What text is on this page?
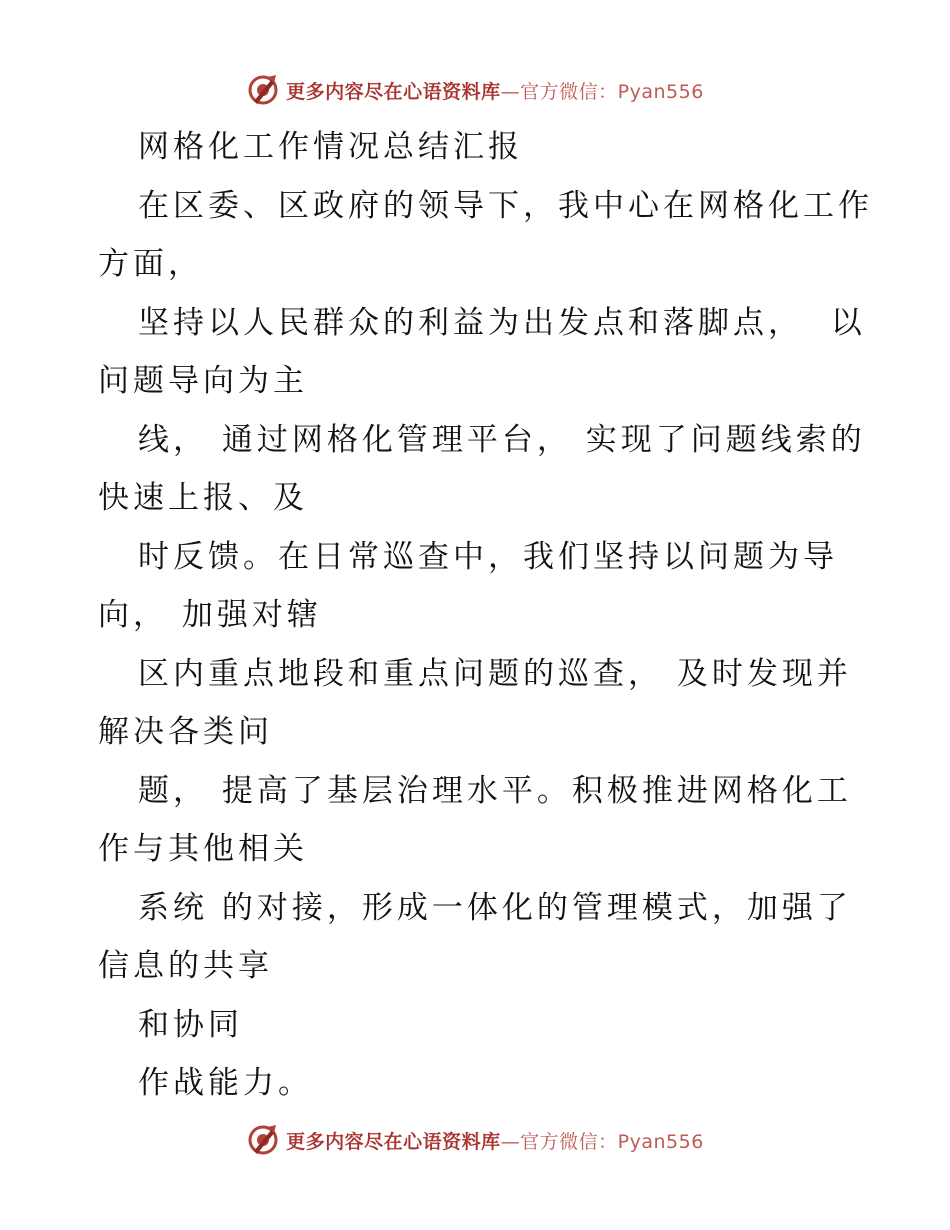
更多内容尽在心语资料库—官方微信：Pyan556
网格化工作情况总结汇报
在区委、区政府的领导下，我中心在网格化工作
方面，
坚持以人民群众的利益为出发点和落脚点，  以
问题导向为主
线， 通过网格化管理平台， 实现了问题线索的
快速上报、及
时反馈。在日常巡查中，我们坚持以问题为导
向， 加强对辖
区内重点地段和重点问题的巡查， 及时发现并
解决各类问
题， 提高了基层治理水平。积极推进网格化工
作与其他相关
系统 的对接，形成一体化的管理模式，加强了
信息的共享
和协同
作战能力。
更多内容尽在心语资料库—官方微信：Pyan556
